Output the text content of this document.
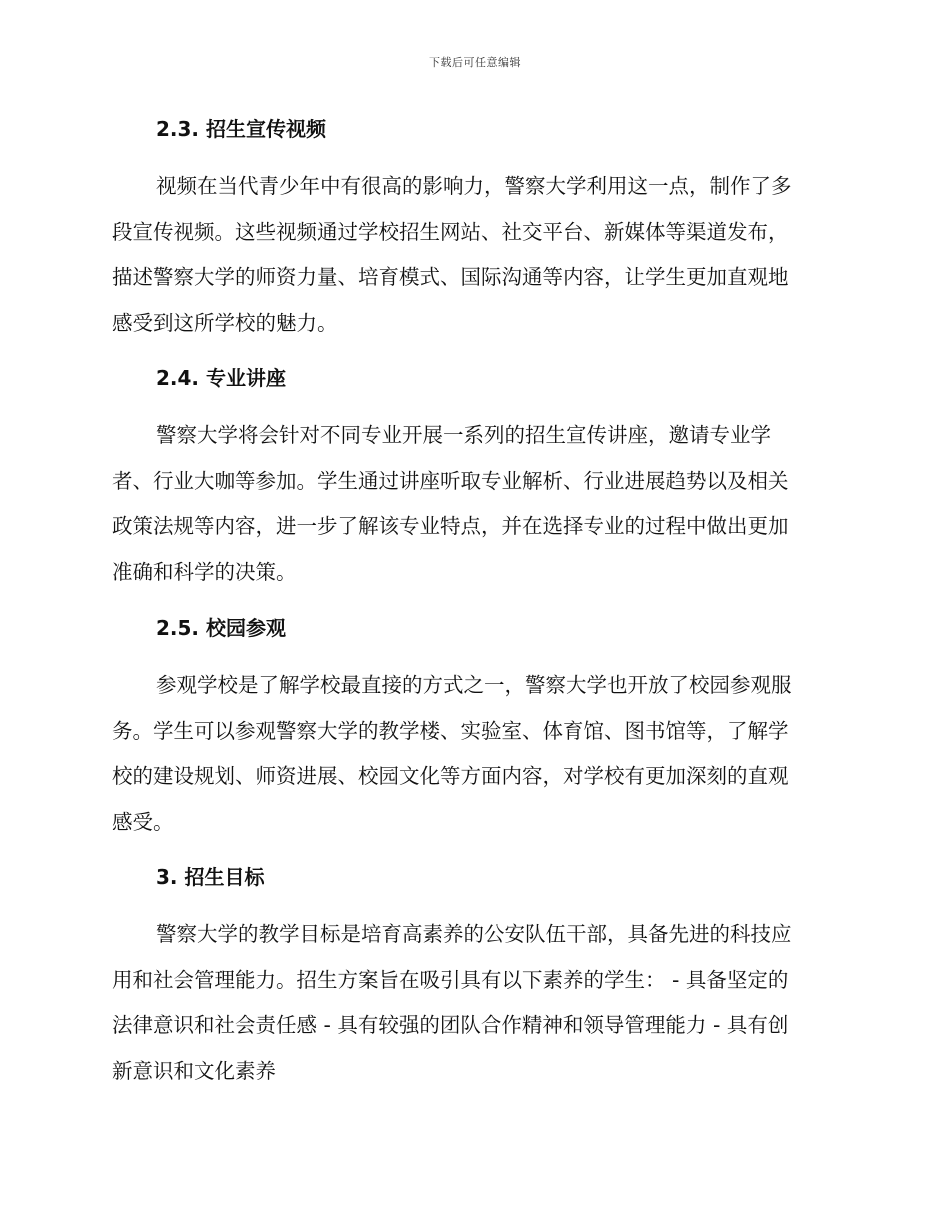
下载后可任意编辑
2.3. 招生宣传视频
视频在当代青少年中有很高的影响力，警察大学利用这一点，制作了多
段宣传视频。这些视频通过学校招生网站、社交平台、新媒体等渠道发布，
描述警察大学的师资力量、培育模式、国际沟通等内容，让学生更加直观地
感受到这所学校的魅力。
2.4. 专业讲座
警察大学将会针对不同专业开展一系列的招生宣传讲座，邀请专业学
者、行业大咖等参加。学生通过讲座听取专业解析、行业进展趋势以及相关
政策法规等内容，进一步了解该专业特点，并在选择专业的过程中做出更加
准确和科学的决策。
2.5. 校园参观
参观学校是了解学校最直接的方式之一，警察大学也开放了校园参观服
务。学生可以参观警察大学的教学楼、实验室、体育馆、图书馆等，了解学
校的建设规划、师资进展、校园文化等方面内容，对学校有更加深刻的直观
感受。
3. 招生目标
警察大学的教学目标是培育高素养的公安队伍干部，具备先进的科技应
用和社会管理能力。招生方案旨在吸引具有以下素养的学生： - 具备坚定的
法律意识和社会责任感 - 具有较强的团队合作精神和领导管理能力 - 具有创
新意识和文化素养
